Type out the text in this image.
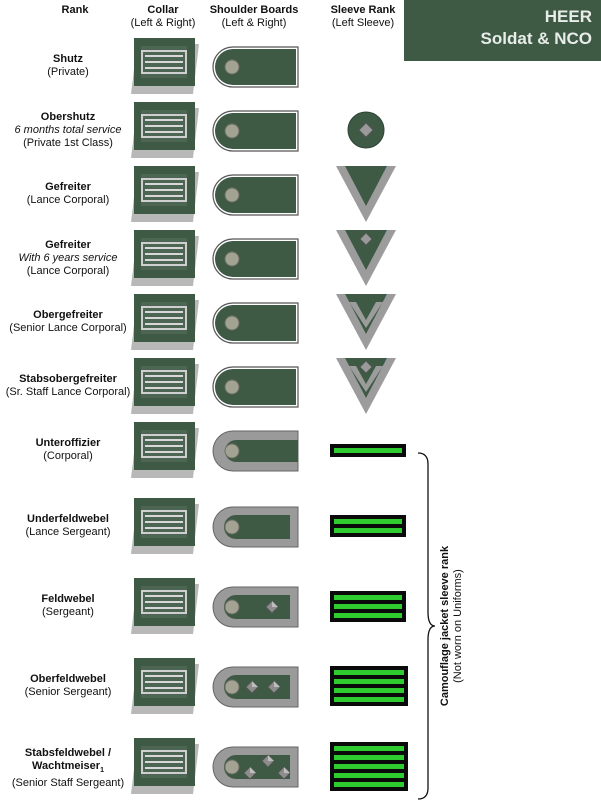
Rank	Collar
(Left & Right)
Shoulder Boards
(Left & Right)
Sleeve Rank
(Left Sleeve)	HEER
Soldat & NCO
Shutz
(Private)
Obershutz
6 months total service
(Private 1st Class)
Gefreiter
(Lance Corporal)
Gefreiter
With 6 years service
(Lance Corporal)
Obergefreiter
(Senior Lance Corporal)
Stabsobergefreiter
(Sr. Staff Lance Corporal)
Unteroffizier
(Corporal)
Underfeldwebel
(Lance Sergeant)
Feldwebel
(Sergeant)
Oberfeldwebel
(Senior Sergeant)
Stabsfeldwebel /
Wachtmeiser$_1$
(Senior Staff Sergeant)
Camouflage jacket sleeve rank (Not worn on Uniforms)
